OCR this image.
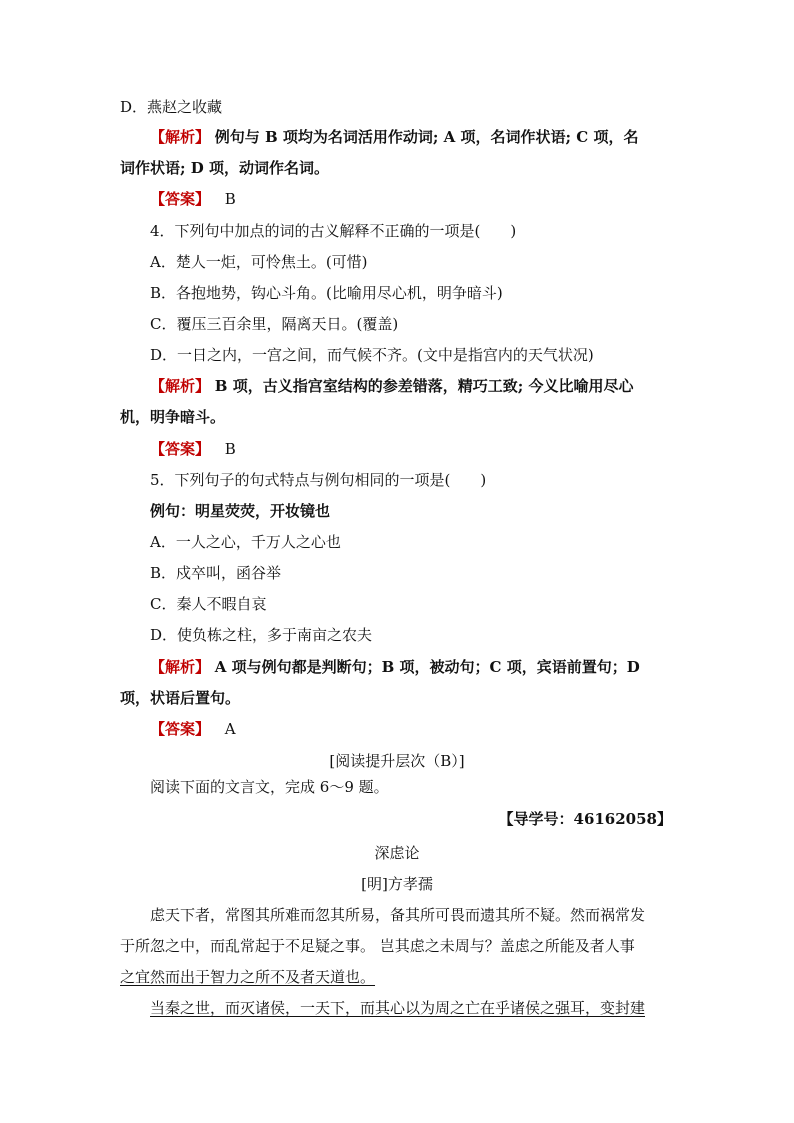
D．燕赵之收藏
【解析】 例句与 B 项均为名词活用作动词; A 项，名词作状语; C 项，名
词作状语; D 项，动词作名词。
【答案】 B
4．下列句中加点的词的古义解释不正确的一项是(　　)
A．楚人一炬，可怜焦土。(可惜)
B．各抱地势，钩心斗角。(比喻用尽心机，明争暗斗)
C．覆压三百余里，隔离天日。(覆盖)
D．一日之内，一宫之间，而气候不齐。(文中是指宫内的天气状况)
【解析】 B 项，古义指宫室结构的参差错落，精巧工致; 今义比喻用尽心
机，明争暗斗。
【答案】 B
5．下列句子的句式特点与例句相同的一项是(　　)
例句：明星荧荧，开妆镜也
A．一人之心，千万人之心也
B．戍卒叫，函谷举
C．秦人不暇自哀
D．使负栋之柱，多于南亩之农夫
【解析】 A 项与例句都是判断句；B 项，被动句；C 项，宾语前置句；D
项，状语后置句。
【答案】 A
[阅读提升层次（B）]
阅读下面的文言文，完成 6～9 题。
【导学号：46162058】
深虑论
[明]方孝孺
虑天下者，常图其所难而忽其所易，备其所可畏而遗其所不疑。然而祸常发
于所忽之中，而乱常起于不足疑之事。 岂其虑之未周与？盖虑之所能及者人事
之宜然而出于智力之所不及者天道也。
当秦之世，而灭诸侯，一天下，而其心以为周之亡在乎诸侯之强耳，变封建
